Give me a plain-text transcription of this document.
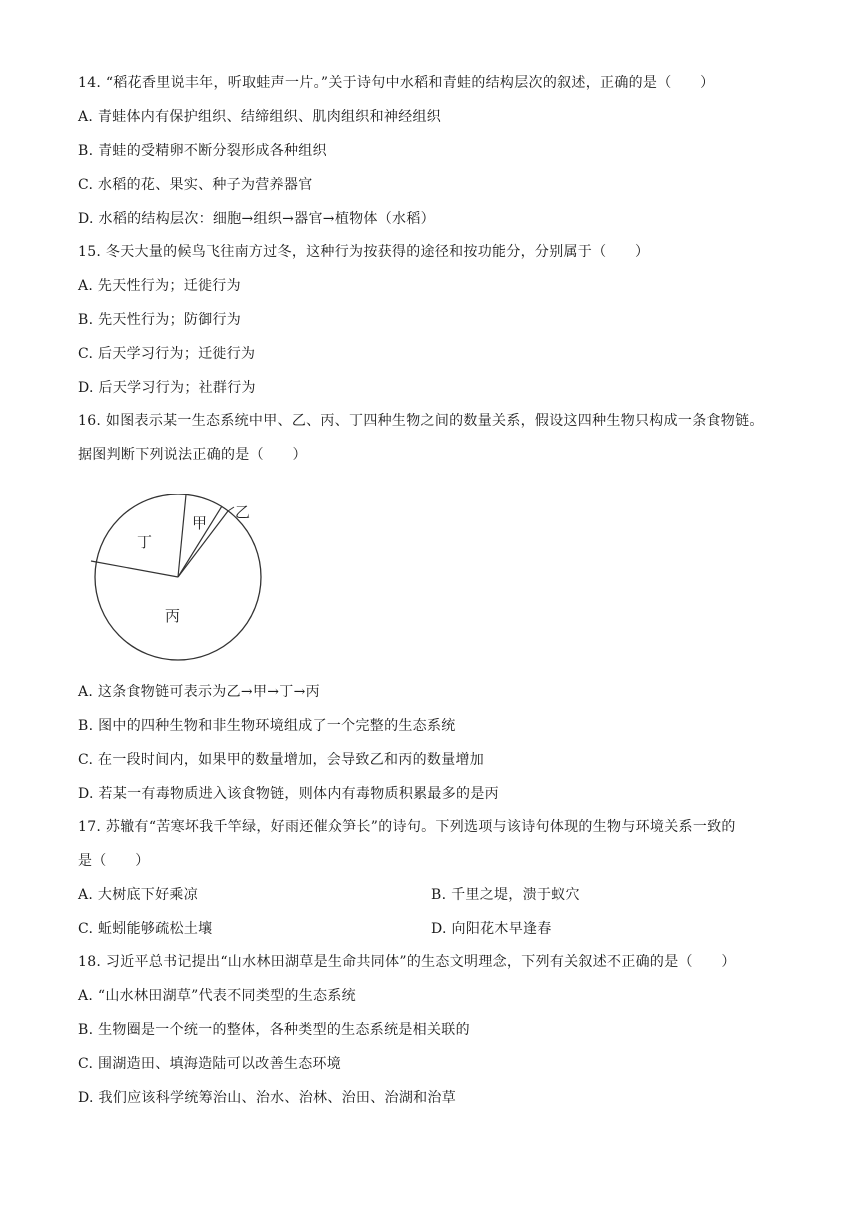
14. “稻花香里说丰年，听取蛙声一片。”关于诗句中水稻和青蛙的结构层次的叙述，正确的是（　　）
A. 青蛙体内有保护组织、结缔组织、肌肉组织和神经组织
B. 青蛙的受精卵不断分裂形成各种组织
C. 水稻的花、果实、种子为营养器官
D. 水稻的结构层次：细胞→组织→器官→植物体（水稻）
15. 冬天大量的候鸟飞往南方过冬，这种行为按获得的途径和按功能分，分别属于（　　）
A. 先天性行为；迁徙行为
B. 先天性行为；防御行为
C. 后天学习行为；迁徙行为
D. 后天学习行为；社群行为
16. 如图表示某一生态系统中甲、乙、丙、丁四种生物之间的数量关系，假设这四种生物只构成一条食物链。
据图判断下列说法正确的是（　　）
丁
甲
乙
丙
A. 这条食物链可表示为乙→甲→丁→丙
B. 图中的四种生物和非生物环境组成了一个完整的生态系统
C. 在一段时间内，如果甲的数量增加，会导致乙和丙的数量增加
D. 若某一有毒物质进入该食物链，则体内有毒物质积累最多的是丙
17. 苏辙有“苦寒坏我千竿绿，好雨还催众笋长”的诗句。下列选项与该诗句体现的生物与环境关系一致的
是（　　）
A. 大树底下好乘凉	B. 千里之堤，溃于蚁穴
C. 蚯蚓能够疏松土壤	D. 向阳花木早逢春
18. 习近平总书记提出“山水林田湖草是生命共同体”的生态文明理念，下列有关叙述不正确的是（　　）
A. “山水林田湖草”代表不同类型的生态系统
B. 生物圈是一个统一的整体，各种类型的生态系统是相关联的
C. 围湖造田、填海造陆可以改善生态环境
D. 我们应该科学统筹治山、治水、治林、治田、治湖和治草
